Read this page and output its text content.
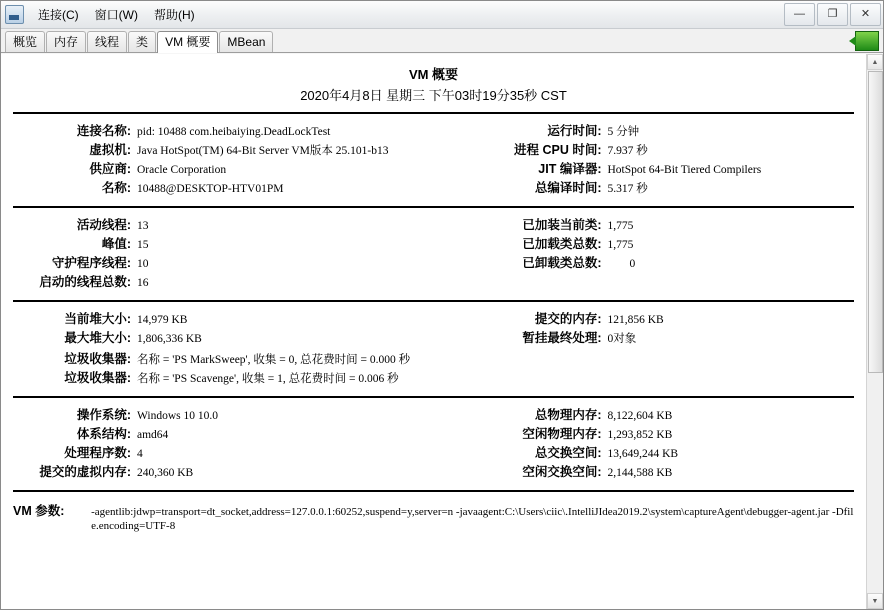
连接(C)	窗口(W)	帮助(H)	—	❐	✕
概览	内存	线程	类	VM 概要	MBean
VM 概要
2020年4月8日 星期三 下午03时19分35秒 CST
连接名称: pid: 10488 com.heibaiying.DeadLockTest
虚拟机: Java HotSpot(TM) 64-Bit Server VM版本 25.101-b13
供应商: Oracle Corporation
名称: 10488@DESKTOP-HTV01PM
运行时间: 5 分钟
进程 CPU 时间: 7.937 秒
JIT 编译器: HotSpot 64-Bit Tiered Compilers
总编译时间: 5.317 秒
活动线程: 13
峰值: 15
守护程序线程: 10
启动的线程总数: 16
已加装当前类: 1,775
已加载类总数: 1,775
已卸载类总数:	0
当前堆大小: 14,979 KB
最大堆大小: 1,806,336 KB
提交的内存: 121,856 KB
暂挂最终处理: 0对象
垃圾收集器: 名称 = 'PS MarkSweep', 收集 = 0, 总花费时间 = 0.000 秒
垃圾收集器: 名称 = 'PS Scavenge', 收集 = 1, 总花费时间 = 0.006 秒
操作系统: Windows 10 10.0
体系结构: amd64
处理程序数: 4
提交的虚拟内存: 240,360 KB
总物理内存: 8,122,604 KB
空闲物理内存: 1,293,852 KB
总交换空间: 13,649,244 KB
空闲交换空间: 2,144,588 KB
VM 参数:	-agentlib:jdwp=transport=dt_socket,address=127.0.0.1:60252,suspend=y,server=n -javaagent:C:\Users\ciic\.IntelliJIdea2019.2\system\captureAgent\debugger-agent.jar -Dfile.encoding=UTF-8
▲
▼
